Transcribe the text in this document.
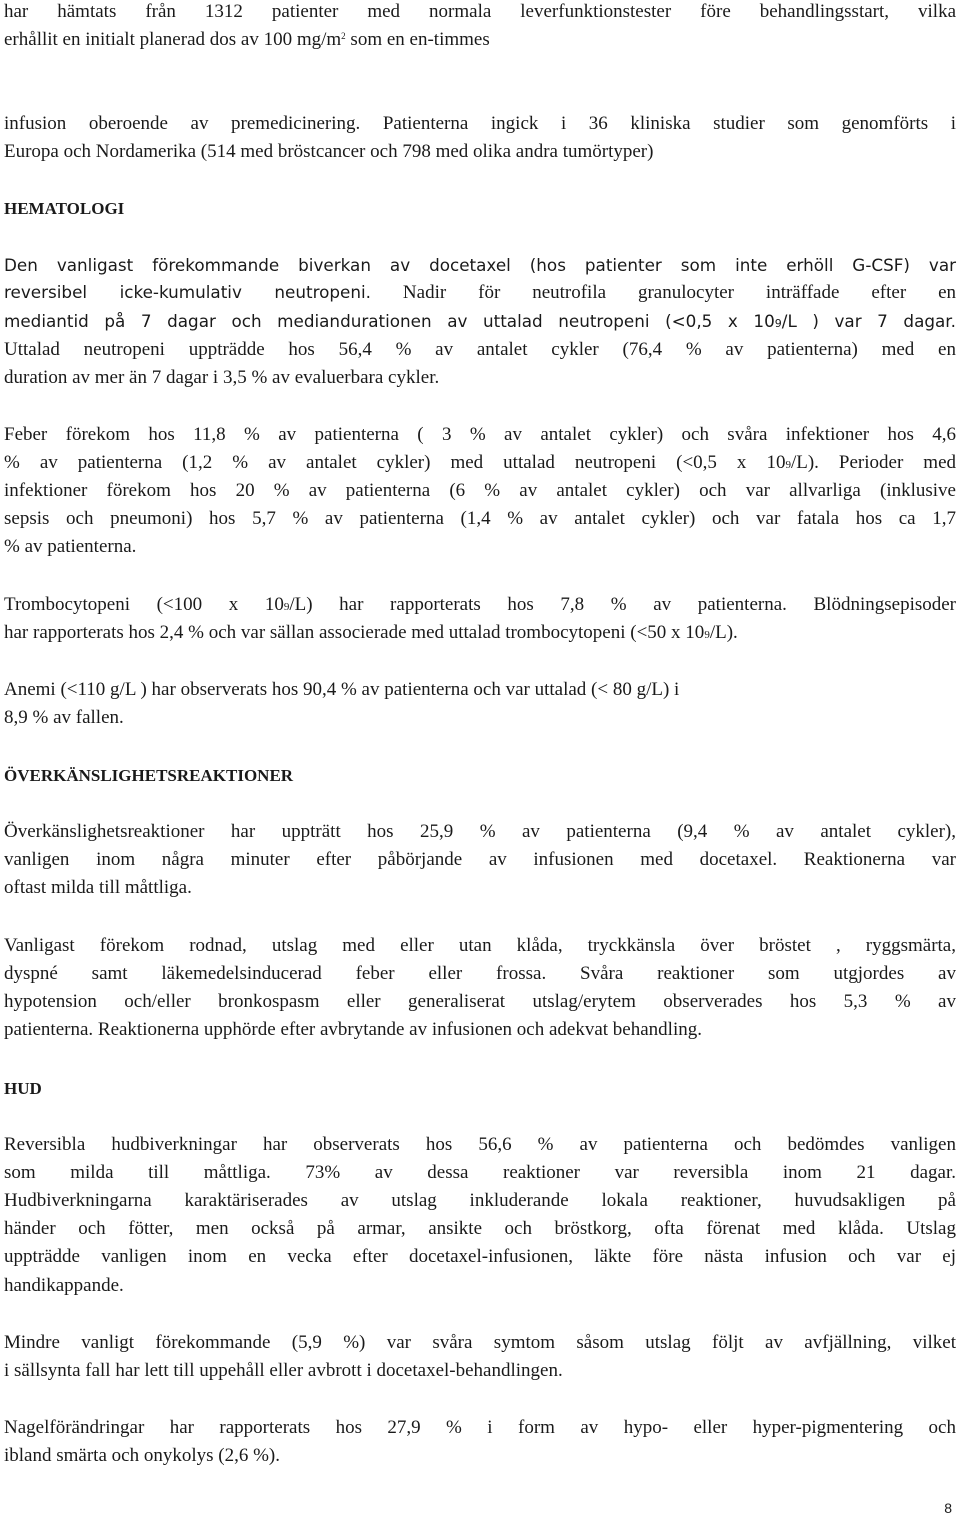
har hämtats från 1312 patienter med normala leverfunktionstester före behandlingsstart, vilka
erhållit en initialt planerad dos av 100 $mg/m^2$ som en en-timmes
infusion oberoende av premedicinering. Patienterna ingick i 36 kliniska studier som genomförts i
Europa och Nordamerika (514 med bröstcancer och 798 med olika andra tumörtyper)
HEMATOLOGI
Den vanligast förekommande biverkan av docetaxel (hos patienter som inte erhöll G-CSF) var
reversibel icke-kumulativ neutropeni. Nadir för neutrofila granulocyter inträffade efter en
mediantid på 7 dagar och mediandurationen av uttalad neutropeni (<0,5 x 109/L ) var 7 dagar.
Uttalad neutropeni uppträdde hos 56,4 % av antalet cykler (76,4 % av patienterna) med en
duration av mer än 7 dagar i 3,5 % av evaluerbara cykler.
Feber förekom hos 11,8 % av patienterna ( 3 % av antalet cykler) och svåra infektioner hos 4,6
% av patienterna (1,2 % av antalet cykler) med uttalad neutropeni (<0,5 x 109/L). Perioder med
infektioner förekom hos 20 % av patienterna (6 % av antalet cykler) och var allvarliga (inklusive
sepsis och pneumoni) hos 5,7 % av patienterna (1,4 % av antalet cykler) och var fatala hos ca 1,7
% av patienterna.
Trombocytopeni (<100 x 109/L) har rapporterats hos 7,8 % av patienterna. Blödningsepisoder
har rapporterats hos 2,4 % och var sällan associerade med uttalad trombocytopeni (<50 x 109/L).
Anemi (<110 g/L ) har observerats hos 90,4 % av patienterna och var uttalad (< 80 g/L) i
8,9 % av fallen.
ÖVERKÄNSLIGHETSREAKTIONER
Överkänslighetsreaktioner har uppträtt hos 25,9 % av patienterna (9,4 % av antalet cykler),
vanligen inom några minuter efter påbörjande av infusionen med docetaxel. Reaktionerna var
oftast milda till måttliga.
Vanligast förekom rodnad, utslag med eller utan klåda, tryckkänsla över bröstet , ryggsmärta,
dyspné samt läkemedelsinducerad feber eller frossa. Svåra reaktioner som utgjordes av
hypotension och/eller bronkospasm eller generaliserat utslag/erytem observerades hos 5,3 % av
patienterna. Reaktionerna upphörde efter avbrytande av infusionen och adekvat behandling.
HUD
Reversibla hudbiverkningar har observerats hos 56,6 % av patienterna och bedömdes vanligen
som milda till måttliga. 73% av dessa reaktioner var reversibla inom 21 dagar.
Hudbiverkningarna karaktäriserades av utslag inkluderande lokala reaktioner, huvudsakligen på
händer och fötter, men också på armar, ansikte och bröstkorg, ofta förenat med klåda. Utslag
uppträdde vanligen inom en vecka efter docetaxel-infusionen, läkte före nästa infusion och var ej
handikappande.
Mindre vanligt förekommande (5,9 %) var svåra symtom såsom utslag följt av avfjällning, vilket
i sällsynta fall har lett till uppehåll eller avbrott i docetaxel-behandlingen.
Nagelförändringar har rapporterats hos 27,9 % i form av hypo- eller hyper-pigmentering och
ibland smärta och onykolys (2,6 %).
8
